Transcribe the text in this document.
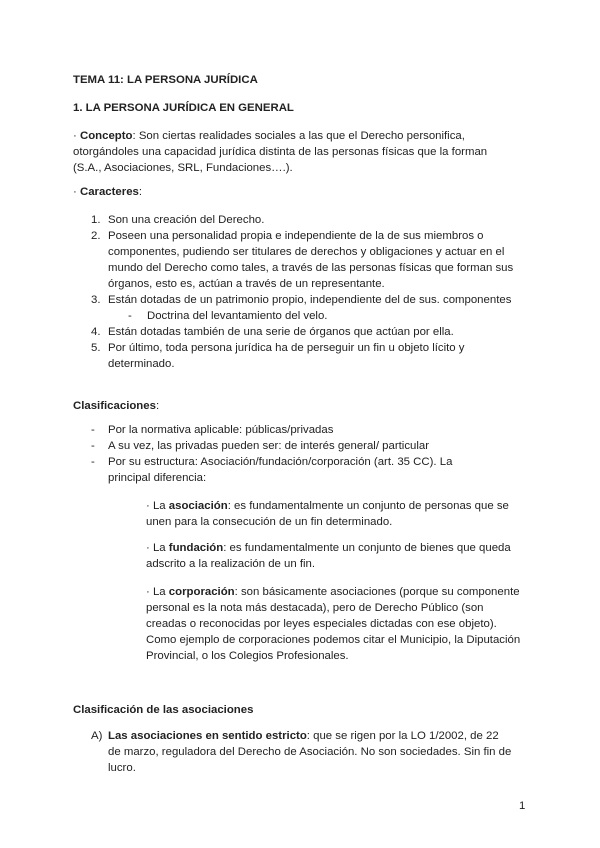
TEMA 11: LA PERSONA JURÍDICA

1. LA PERSONA JURÍDICA EN GENERAL

· Concepto: Son ciertas realidades sociales a las que el Derecho personifica, otorgándoles una capacidad jurídica distinta de las personas físicas que la forman (S.A., Asociaciones, SRL, Fundaciones….).

· Caracteres:

1. Son una creación del Derecho.
2. Poseen una personalidad propia e independiente de la de sus miembros o componentes, pudiendo ser titulares de derechos y obligaciones y actuar en el mundo del Derecho como tales, a través de las personas físicas que forman sus órganos, esto es, actúan a través de un representante.
3. Están dotadas de un patrimonio propio, independiente del de sus. componentes
- Doctrina del levantamiento del velo.
4. Están dotadas también de una serie de órganos que actúan por ella.
5. Por último, toda persona jurídica ha de perseguir un fin u objeto lícito y determinado.

Clasificaciones:

- Por la normativa aplicable: públicas/privadas
- A su vez, las privadas pueden ser: de interés general/ particular
- Por su estructura: Asociación/fundación/corporación (art. 35 CC). La principal diferencia:

· La asociación: es fundamentalmente un conjunto de personas que se unen para la consecución de un fin determinado.

· La fundación: es fundamentalmente un conjunto de bienes que queda adscrito a la realización de un fin.

· La corporación: son básicamente asociaciones (porque su componente personal es la nota más destacada), pero de Derecho Público (son creadas o reconocidas por leyes especiales dictadas con ese objeto). Como ejemplo de corporaciones podemos citar el Municipio, la Diputación Provincial, o los Colegios Profesionales.

Clasificación de las asociaciones

A) Las asociaciones en sentido estricto: que se rigen por la LO 1/2002, de 22 de marzo, reguladora del Derecho de Asociación. No son sociedades. Sin fin de lucro.

1
